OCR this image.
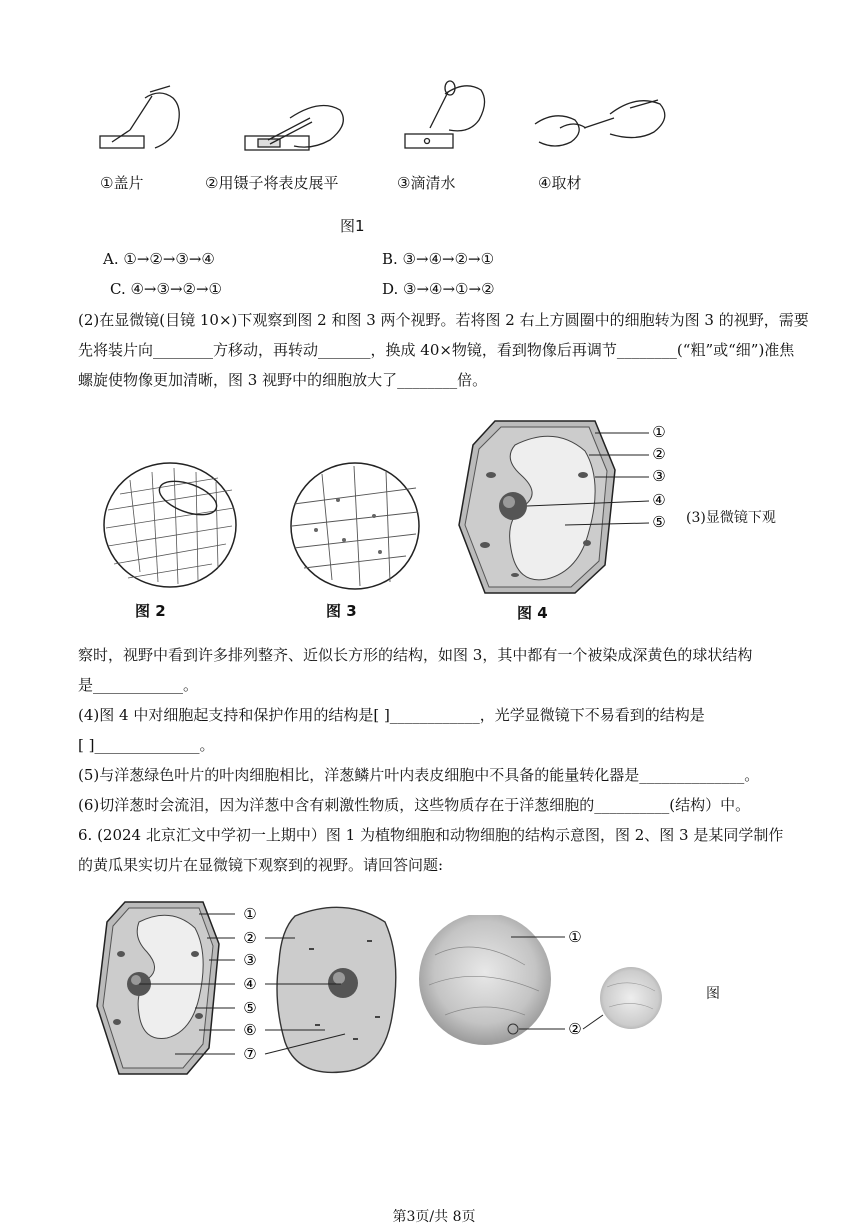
①盖片	②用镊子将表皮展平	③滴清水	④取材
图1
A. ①→②→③→④	B. ③→④→②→①
C. ④→③→②→①	D. ③→④→①→②
(2)在显微镜(目镜 10×)下观察到图 2 和图 3 两个视野。若将图 2 右上方圆圈中的细胞转为图 3 的视野，需要
先将装片向________方移动，再转动_______，换成 40×物镜，看到物像后再调节________(“粗”或“细”)准焦
螺旋使物像更加清晰，图 3 视野中的细胞放大了________倍。
①
②
③
④
⑤ (3)显微镜下观
图 2	图 3	图 4
察时，视野中看到许多排列整齐、近似长方形的结构，如图 3，其中都有一个被染成深黄色的球状结构
是____________。
(4)图 4 中对细胞起支持和保护作用的结构是[ ]____________，光学显微镜下不易看到的结构是
[ ]______________。
(5)与洋葱绿色叶片的叶肉细胞相比，洋葱鳞片叶内表皮细胞中不具备的能量转化器是______________。
(6)切洋葱时会流泪，因为洋葱中含有刺激性物质，这些物质存在于洋葱细胞的__________(结构）中。
6. (2024 北京汇文中学初一上期中）图 1 为植物细胞和动物细胞的结构示意图，图 2、图 3 是某同学制作
的黄瓜果实切片在显微镜下观察到的视野。请回答问题:
①
②
③
④
⑤
⑥
⑦
①
②
图
第3页/共 8页
